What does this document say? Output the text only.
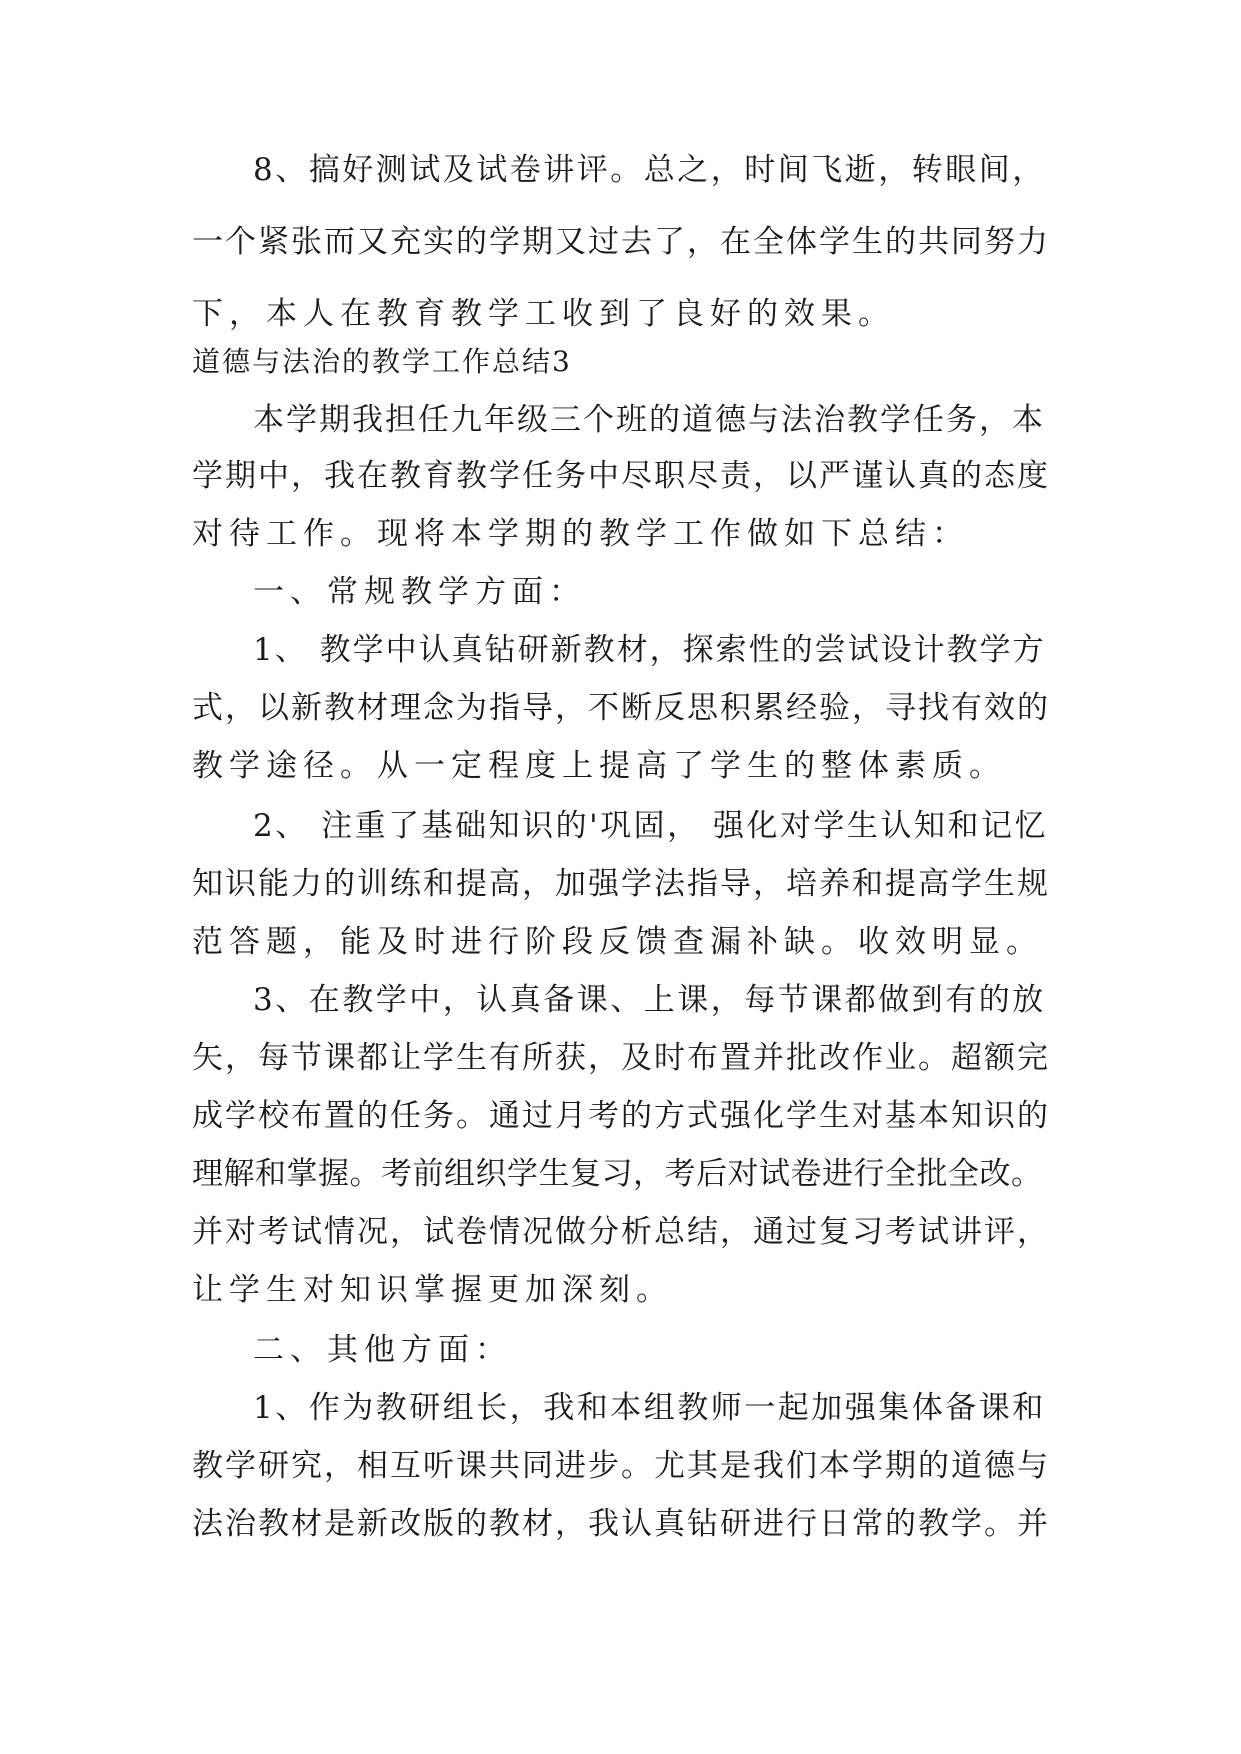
8、搞好测试及试卷讲评。总之，时间飞逝，转眼间，
一个紧张而又充实的学期又过去了，在全体学生的共同努力
下，本人在教育教学工收到了良好的效果。
道德与法治的教学工作总结3
本学期我担任九年级三个班的道德与法治教学任务，本
学期中，我在教育教学任务中尽职尽责，以严谨认真的态度
对待工作。现将本学期的教学工作做如下总结：
一、常规教学方面：
1、 教学中认真钻研新教材，探索性的尝试设计教学方
式，以新教材理念为指导，不断反思积累经验，寻找有效的
教学途径。从一定程度上提高了学生的整体素质。
2、 注重了基础知识的'巩固， 强化对学生认知和记忆
知识能力的训练和提高，加强学法指导，培养和提高学生规
范答题，能及时进行阶段反馈查漏补缺。收效明显。
3、在教学中，认真备课、上课，每节课都做到有的放
矢，每节课都让学生有所获，及时布置并批改作业。超额完
成学校布置的任务。通过月考的方式强化学生对基本知识的
理解和掌握。考前组织学生复习，考后对试卷进行全批全改。
并对考试情况，试卷情况做分析总结，通过复习考试讲评，
让学生对知识掌握更加深刻。
二、其他方面：
1、作为教研组长，我和本组教师一起加强集体备课和
教学研究，相互听课共同进步。尤其是我们本学期的道德与
法治教材是新改版的教材，我认真钻研进行日常的教学。并
